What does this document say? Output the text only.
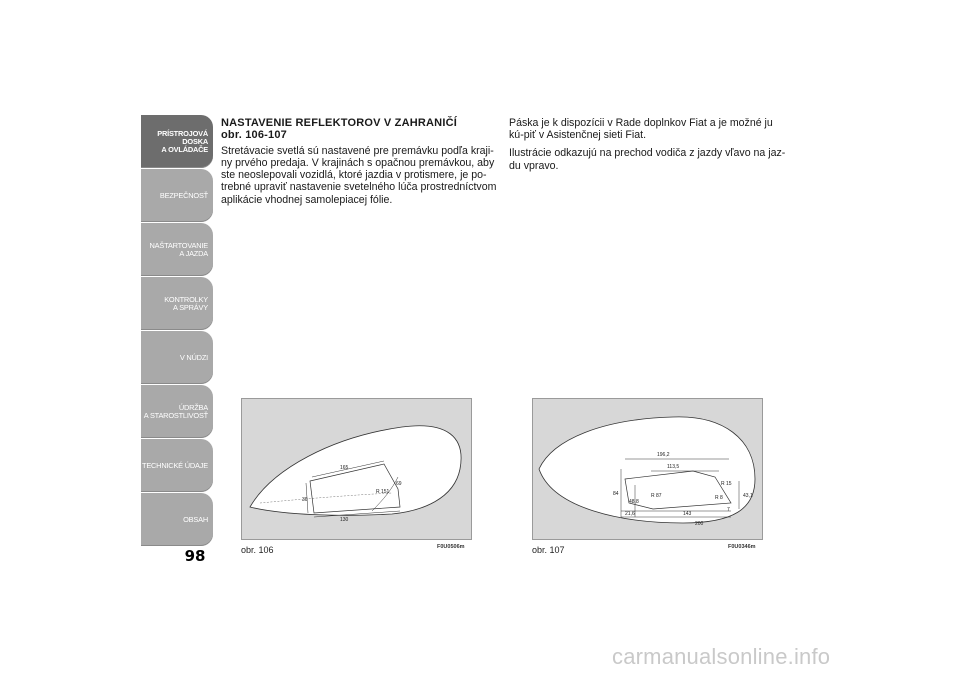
PRÍSTROJOVÁ
DOSKA
A OVLÁDAČE
BEZPEČNOSŤ
NAŠTARTOVANIE
A JAZDA
KONTROLKY
A SPRÁVY
V NÚDZI
ÚDRŽBA
A STAROSTLIVOSŤ
TECHNICKÉ ÚDAJE
OBSAH
98

NASTAVENIE REFLEKTOROV V ZAHRANIČÍ

obr. 106-107

Stretávacie svetlá sú nastavené pre premávku podľa kraji-ny prvého predaja. V krajinách s opačnou premávkou, aby ste neoslepovali vozidlá, ktoré jazdia v protismere, je po-trebné upraviť nastavenie svetelného lúča prostredníctvom aplikácie vhodnej samolepiacej fólie.

Páska je k dispozícii v Rade doplnkov Fiat a je možné ju kú-piť v Asistenčnej sieti Fiat.

Ilustrácie odkazujú na prechod vodiča z jazdy vľavo na jaz-du vpravo.

165
130
30
R 151
69
obr. 106	F0U0506m
196,2
113,5
84
48,8
R 87
R 15
R 8	43,1
21,6	143
200
7
obr. 107	F0U0346m
carmanualsonline.info
